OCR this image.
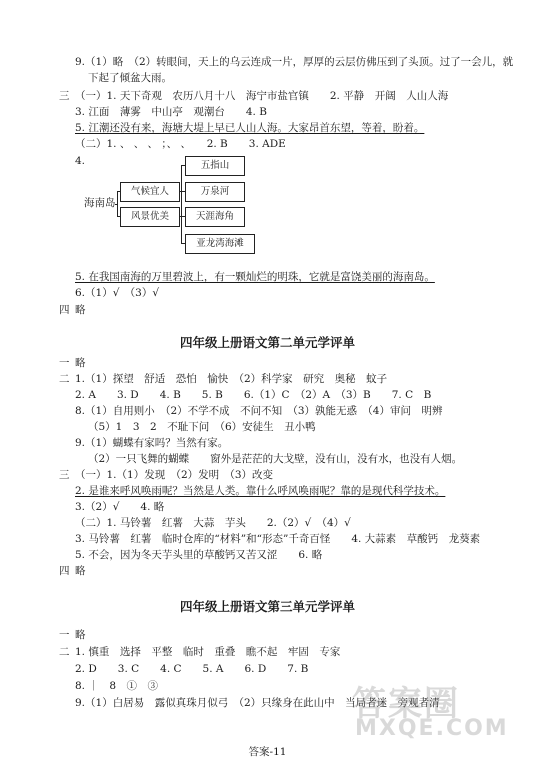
9.（1）略　（2）转眼间，天上的乌云连成一片，厚厚的云层仿佛压到了头顶。过了一会儿，就
下起了倾盆大雨。
三 （一）1. 天下奇观　农历八月十八　海宁市盐官镇　　2. 平静　开阔　人山人海
3. 江面　薄雾　中山亭　观潮台　　4. B
5. 江潮还没有来，海塘大堤上早已人山人海。大家昂首东望，等着，盼着。
（二）1. 、 、 、 ；、 、　　2. B　　3. ADE
4.
海南岛
气候宜人
风景优美
五指山
万泉河
天涯海角
亚龙湾海滩
5. 在我国南海的万里碧波上，有一颗灿烂的明珠，它就是富饶美丽的海南岛。
6.（1）√　（3）√
四 略
四年级上册语文第二单元学评单
一 略
二 1.（1）探望　舒适　恐怕　愉快　（2）科学家　研究　奥秘　蚊子
2. A　　3. D　　4. B　　5. B　　6.（1）C　（2）A　（3）B　　7. C　B
8.（1）自用则小　（2）不学不成　不问不知　（3）孰能无惑　（4）审问　明辨
（5）1　3　2　不耻下问　（6）安徒生　丑小鸭
9.（1）蝴蝶有家吗？当然有家。
（2）一只飞舞的蝴蝶　　窗外是茫茫的大戈壁，没有山，没有水，也没有人烟。
三 （一）1.（1）发现　（2）发明　（3）改变
2. 是谁来呼风唤雨呢？当然是人类。靠什么呼风唤雨呢？靠的是现代科学技术。
3.（2）√　　4. 略
（二）1. 马铃薯　红薯　大蒜　芋头　　2.（2）√　（4）√
3. 马铃薯　红薯　临时仓库的“材料”和“形态”千奇百怪　　4. 大蒜素　草酸钙　龙葵素
5. 不会，因为冬天芋头里的草酸钙又苦又涩　　6. 略
四 略
四年级上册语文第三单元学评单
一 略
二 1. 慎重　选择　平整　临时　重叠　瞧不起　牢固　专家
2. D　　3. C　　4. C　　5. A　　6. D　　7. B
8. ｜　8　①　③
9.（1）白居易　露似真珠月似弓　（2）只缘身在此山中　当局者迷　旁观者清
答案圈
MXQE.COM
答案-11
